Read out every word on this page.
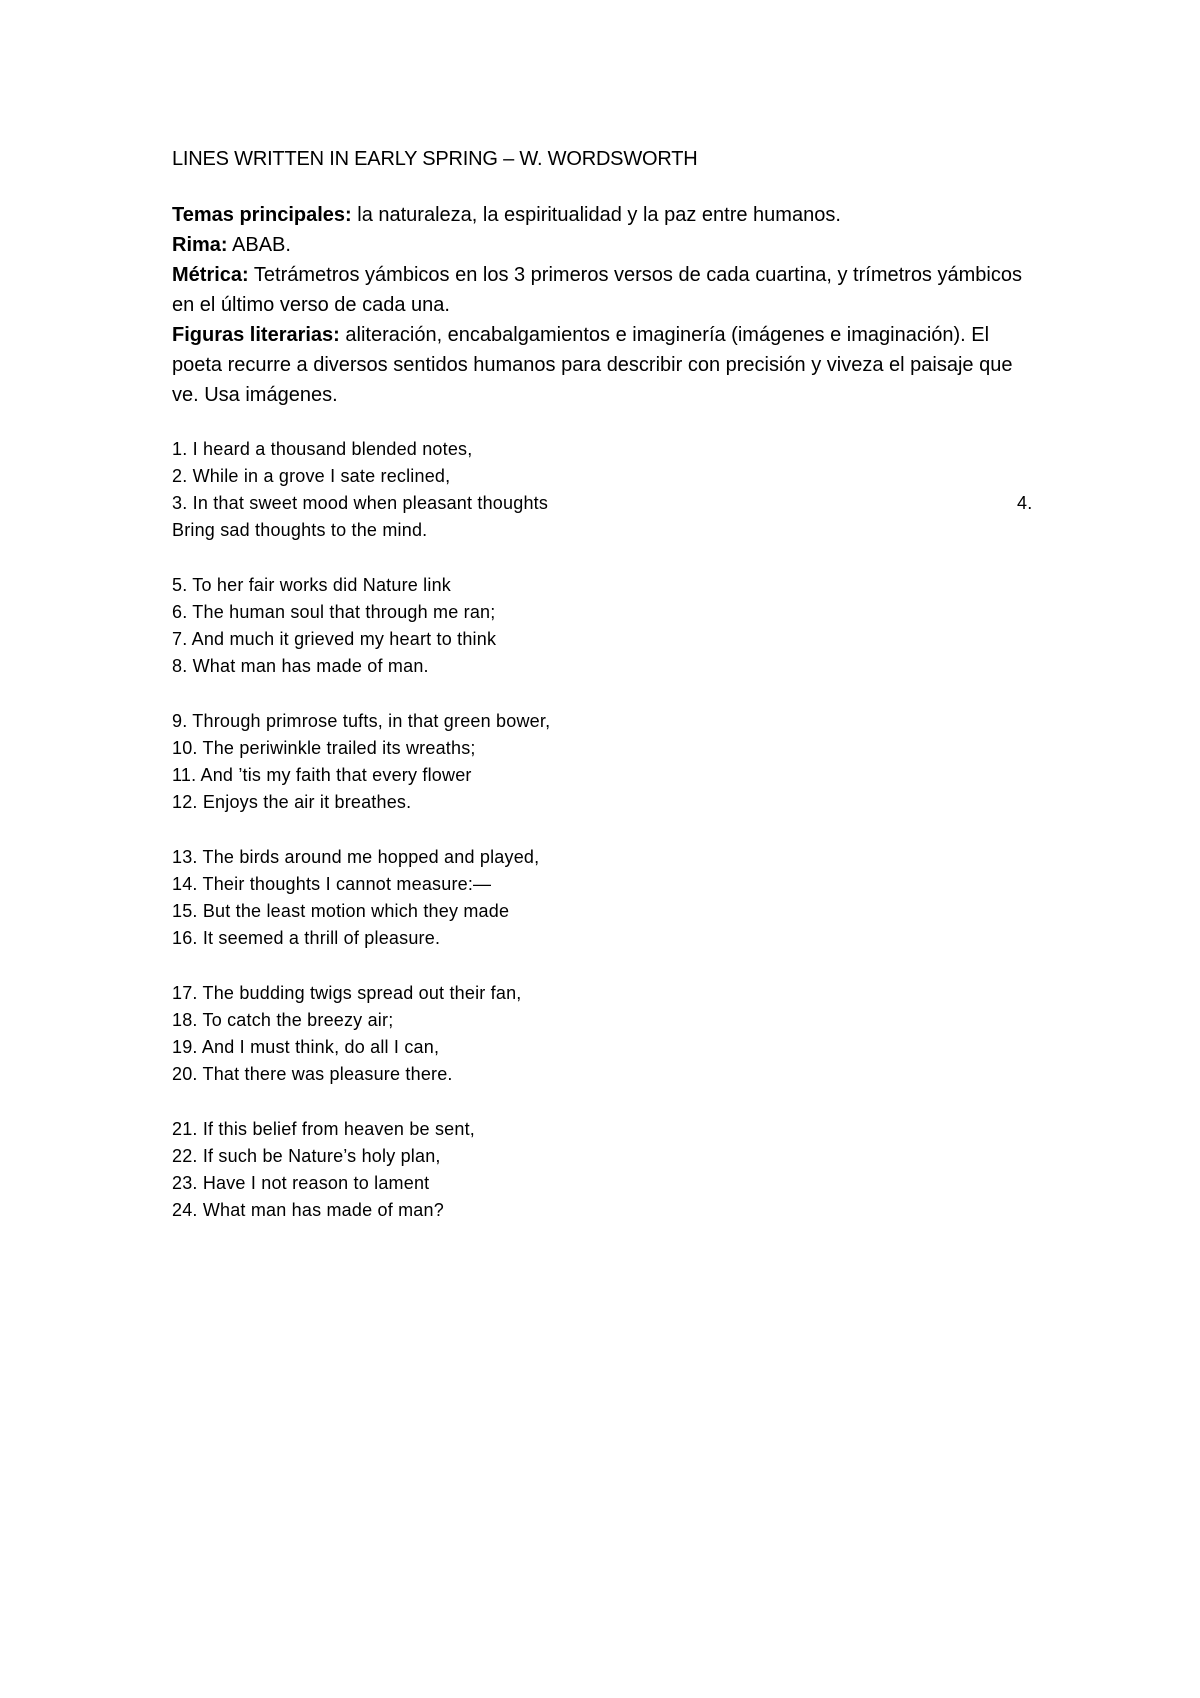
LINES WRITTEN IN EARLY SPRING – W. WORDSWORTH

Temas principales: la naturaleza, la espiritualidad y la paz entre humanos.

Rima: ABAB.

Métrica: Tetrámetros yámbicos en los 3 primeros versos de cada cuartina, y trímetros yámbicos en el último verso de cada una.

Figuras literarias: aliteración, encabalgamientos e imaginería (imágenes e imaginación). El poeta recurre a diversos sentidos humanos para describir con precisión y viveza el paisaje que ve. Usa imágenes.

1. I heard a thousand blended notes,
2. While in a grove I sate reclined,
3. In that sweet mood when pleasant thoughts	4.
Bring sad thoughts to the mind.
5. To her fair works did Nature link
6. The human soul that through me ran;
7. And much it grieved my heart to think
8. What man has made of man.
9. Through primrose tufts, in that green bower,
10. The periwinkle trailed its wreaths;
11. And ’tis my faith that every flower
12. Enjoys the air it breathes.
13. The birds around me hopped and played,
14. Their thoughts I cannot measure:—
15. But the least motion which they made
16. It seemed a thrill of pleasure.
17. The budding twigs spread out their fan,
18. To catch the breezy air;
19. And I must think, do all I can,
20. That there was pleasure there.
21. If this belief from heaven be sent,
22. If such be Nature’s holy plan,
23. Have I not reason to lament
24. What man has made of man?
